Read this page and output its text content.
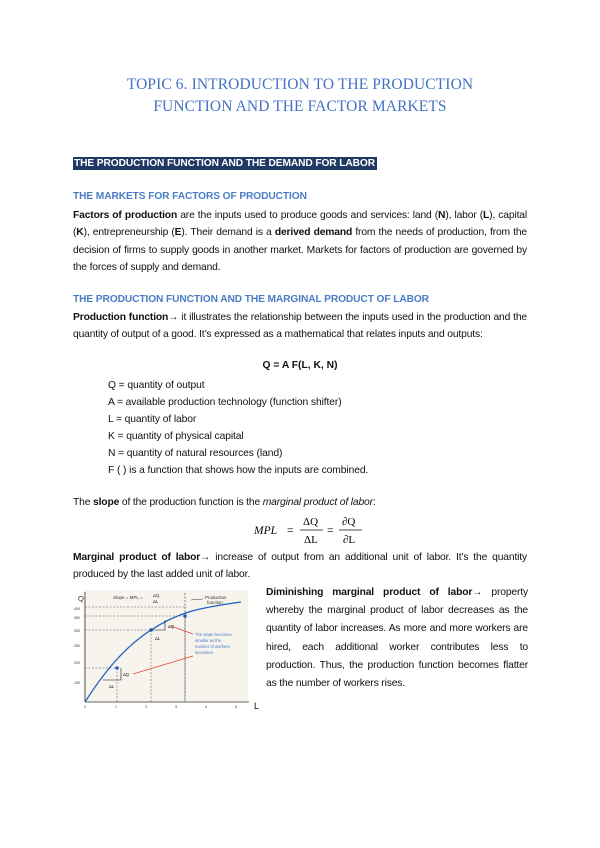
TOPIC 6. INTRODUCTION TO THE PRODUCTION
FUNCTION AND THE FACTOR MARKETS
THE PRODUCTION FUNCTION AND THE DEMAND FOR LABOR
THE MARKETS FOR FACTORS OF PRODUCTION
Factors of production are the inputs used to produce goods and services: land (N), labor (L), capital (K), entrepreneurship (E). Their demand is a derived demand from the needs of production, from the decision of firms to supply goods in another market. Markets for factors of production are governed by the forces of supply and demand.
THE PRODUCTION FUNCTION AND THE MARGINAL PRODUCT OF LABOR
Production function→ it illustrates the relationship between the inputs used in the production and the quantity of output of a good. It’s expressed as a mathematical that relates inputs and outputs:
Q = A F(L, K, N)
Q = quantity of output
A = available production technology (function shifter)
L = quantity of labor
K = quantity of physical capital
N = quantity of natural resources (land)
F ( ) is a function that shows how the inputs are combined.
The slope of the production function is the marginal product of labor:
MPL =
ΔQ
ΔL
=
∂Q
∂L
Marginal product of labor→ increase of output from an additional unit of labor. It’s the quantity produced by the last added unit of labor.
Q
L
400
350
300
250
200
150
0	1	2	3	4	5
Slope = MPL = ΔQ
ΔL
Production
function
ΔQ
ΔL
ΔQ
ΔL
The slope becomes
smaller as the
number of workers
increases.
Diminishing marginal product of labor→ property whereby the marginal product of labor decreases as the quantity of labor increases. As more and more workers are hired, each additional worker contributes less to production. Thus, the production function becomes flatter as the number of workers rises.
